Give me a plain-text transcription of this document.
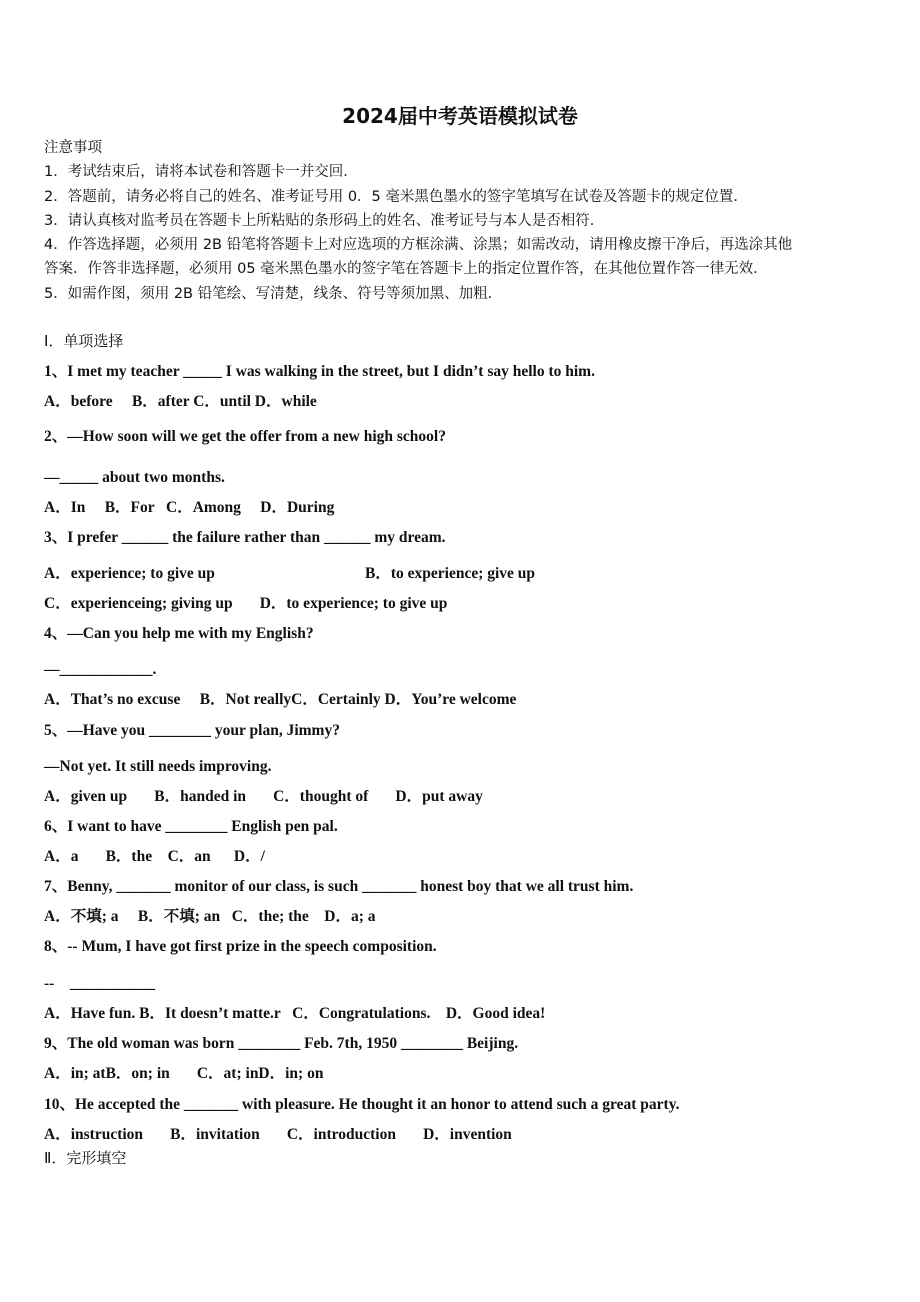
2024届中考英语模拟试卷
注意事项
1．考试结束后，请将本试卷和答题卡一并交回．
2．答题前，请务必将自己的姓名、准考证号用 0．5 毫米黑色墨水的签字笔填写在试卷及答题卡的规定位置．
3．请认真核对监考员在答题卡上所粘贴的条形码上的姓名、准考证号与本人是否相符．
4．作答选择题，必须用 2B 铅笔将答题卡上对应选项的方框涂满、涂黑；如需改动，请用橡皮擦干净后，再选涂其他
答案．作答非选择题，必须用 05 毫米黑色墨水的签字笔在答题卡上的指定位置作答，在其他位置作答一律无效．
5．如需作图，须用 2B 铅笔绘、写清楚，线条、符号等须加黑、加粗．
Ⅰ．单项选择
1、I met my teacher _____ I was walking in the street, but I didn’t say hello to him.
A．before     B．after C．until D．while
2、—How soon will we get the offer from a new high school?
—_____ about two months.
A．In     B．For   C．Among     D．During
3、I prefer ______ the failure rather than ______ my dream.
A．experience; to give up	B．to experience; give up
C．experienceing; giving up       D．to experience; to give up
4、—Can you help me with my English?
—____________.
A．That’s no excuse     B．Not reallyC．Certainly D．You’re welcome
5、—Have you ________ your plan, Jimmy?
—Not yet. It still needs improving.
A．given up       B．handed in       C．thought of       D．put away
6、I want to have ________ English pen pal.
A．a       B．the    C．an      D．/
7、Benny, _______ monitor of our class, is such _______ honest boy that we all trust him.
A．不填; a     B．不填; an   C．the; the    D．a; a
8、-- Mum, I have got first prize in the speech composition.
--    ___________
A．Have fun. B．It doesn’t matte.r   C．Congratulations.    D．Good idea!
9、The old woman was born ________ Feb. 7th, 1950 ________ Beijing.
A．in; atB．on; in       C．at; inD．in; on
10、He accepted the _______ with pleasure. He thought it an honor to attend such a great party.
A．instruction       B．invitation       C．introduction       D．invention
Ⅱ．完形填空
